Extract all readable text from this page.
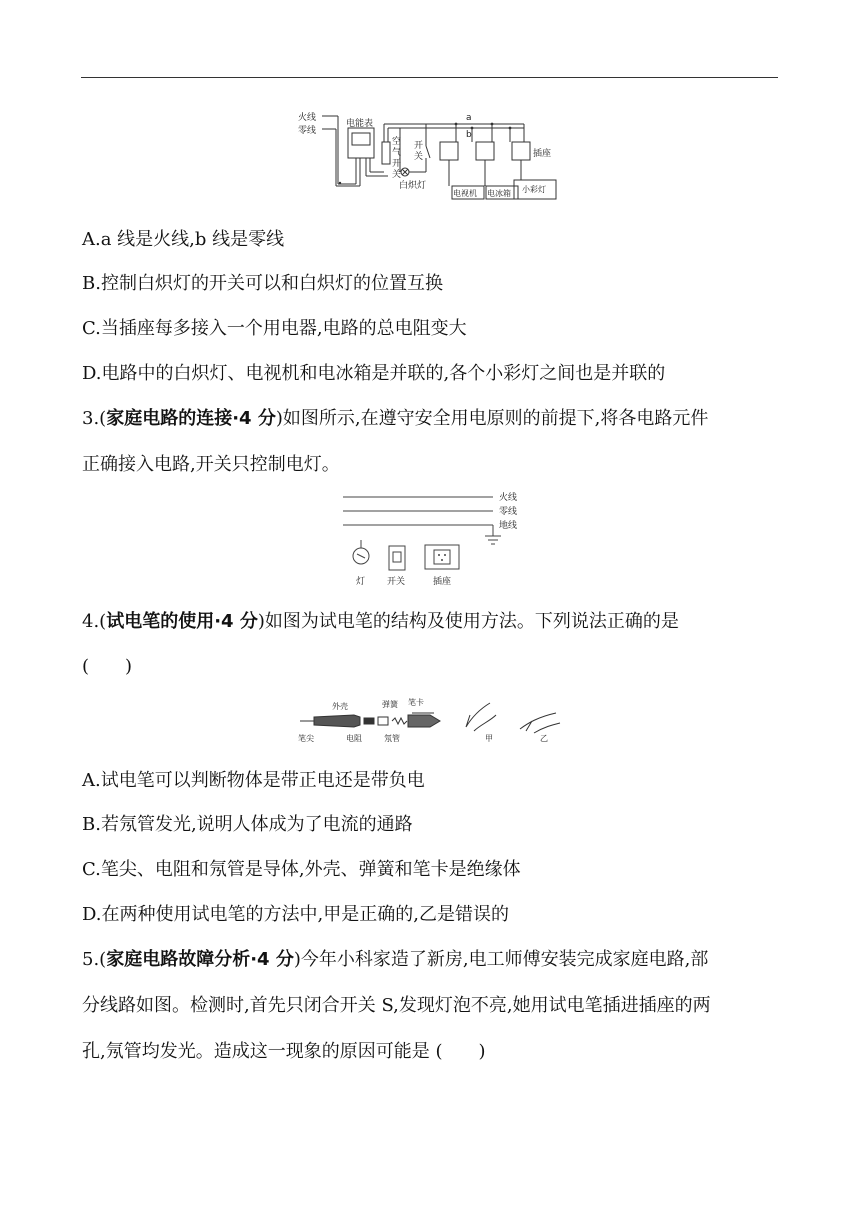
火线
零线
电能表
空
气
开
关
开
关
白炽灯
a
b
插座
电视机 电冰箱 小彩灯
A.a 线是火线,b 线是零线
B.控制白炽灯的开关可以和白炽灯的位置互换
C.当插座每多接入一个用电器,电路的总电阻变大
D.电路中的白炽灯、电视机和电冰箱是并联的,各个小彩灯之间也是并联的
3.(家庭电路的连接·4 分)如图所示,在遵守安全用电原则的前提下,将各电路元件
正确接入电路,开关只控制电灯。
火线
零线
地线
灯 开关	插座
4.(试电笔的使用·4 分)如图为试电笔的结构及使用方法。下列说法正确的是
(　　)
外壳	弹簧 笔卡
笔尖	电阻	氖管	甲	乙
A.试电笔可以判断物体是带正电还是带负电
B.若氖管发光,说明人体成为了电流的通路
C.笔尖、电阻和氖管是导体,外壳、弹簧和笔卡是绝缘体
D.在两种使用试电笔的方法中,甲是正确的,乙是错误的
5.(家庭电路故障分析·4 分)今年小科家造了新房,电工师傅安装完成家庭电路,部
分线路如图。检测时,首先只闭合开关 S,发现灯泡不亮,她用试电笔插进插座的两
孔,氖管均发光。造成这一现象的原因可能是 (　　)
